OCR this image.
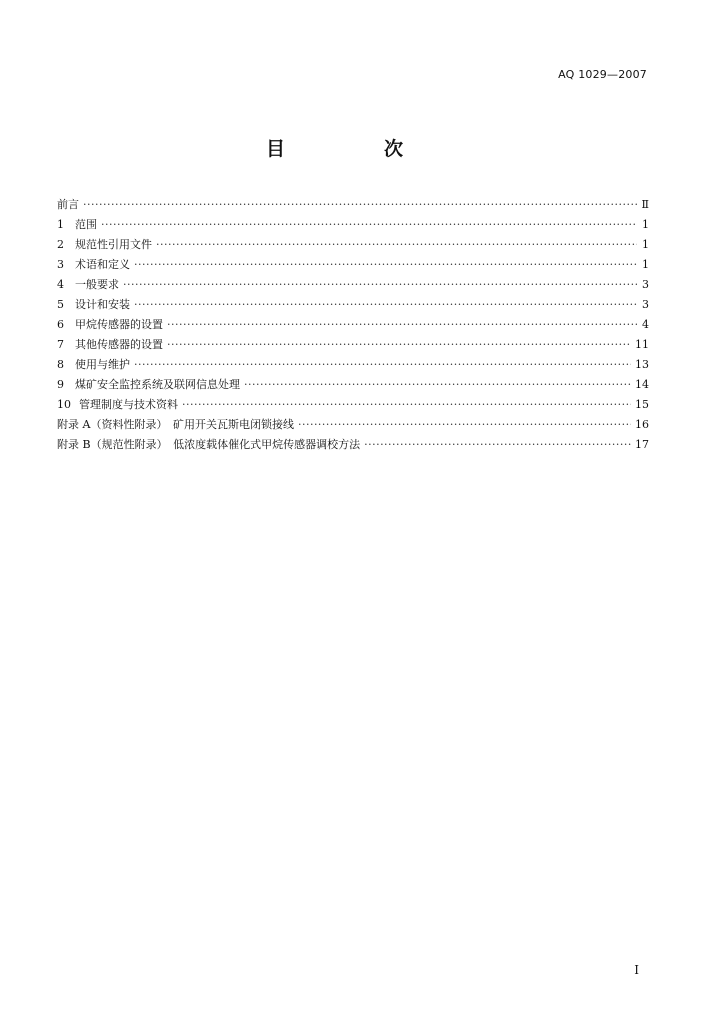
AQ 1029—2007
目　次
前言 ·····	Ⅱ
1	范围 ·····	1
2	规范性引用文件 ·····	1
3	术语和定义 ·····	1
4	一般要求 ·····	3
5	设计和安装 ·····	3
6	甲烷传感器的设置 ·····	4
7	其他传感器的设置 ·····	11
8	使用与维护 ·····	13
9	煤矿安全监控系统及联网信息处理 ·····	14
10 管理制度与技术资料 ·····	15
附录 A（资料性附录）　矿用开关瓦斯电闭锁接线 ·····	16
附录 B（规范性附录）　低浓度载体催化式甲烷传感器调校方法 ·····	17
I
